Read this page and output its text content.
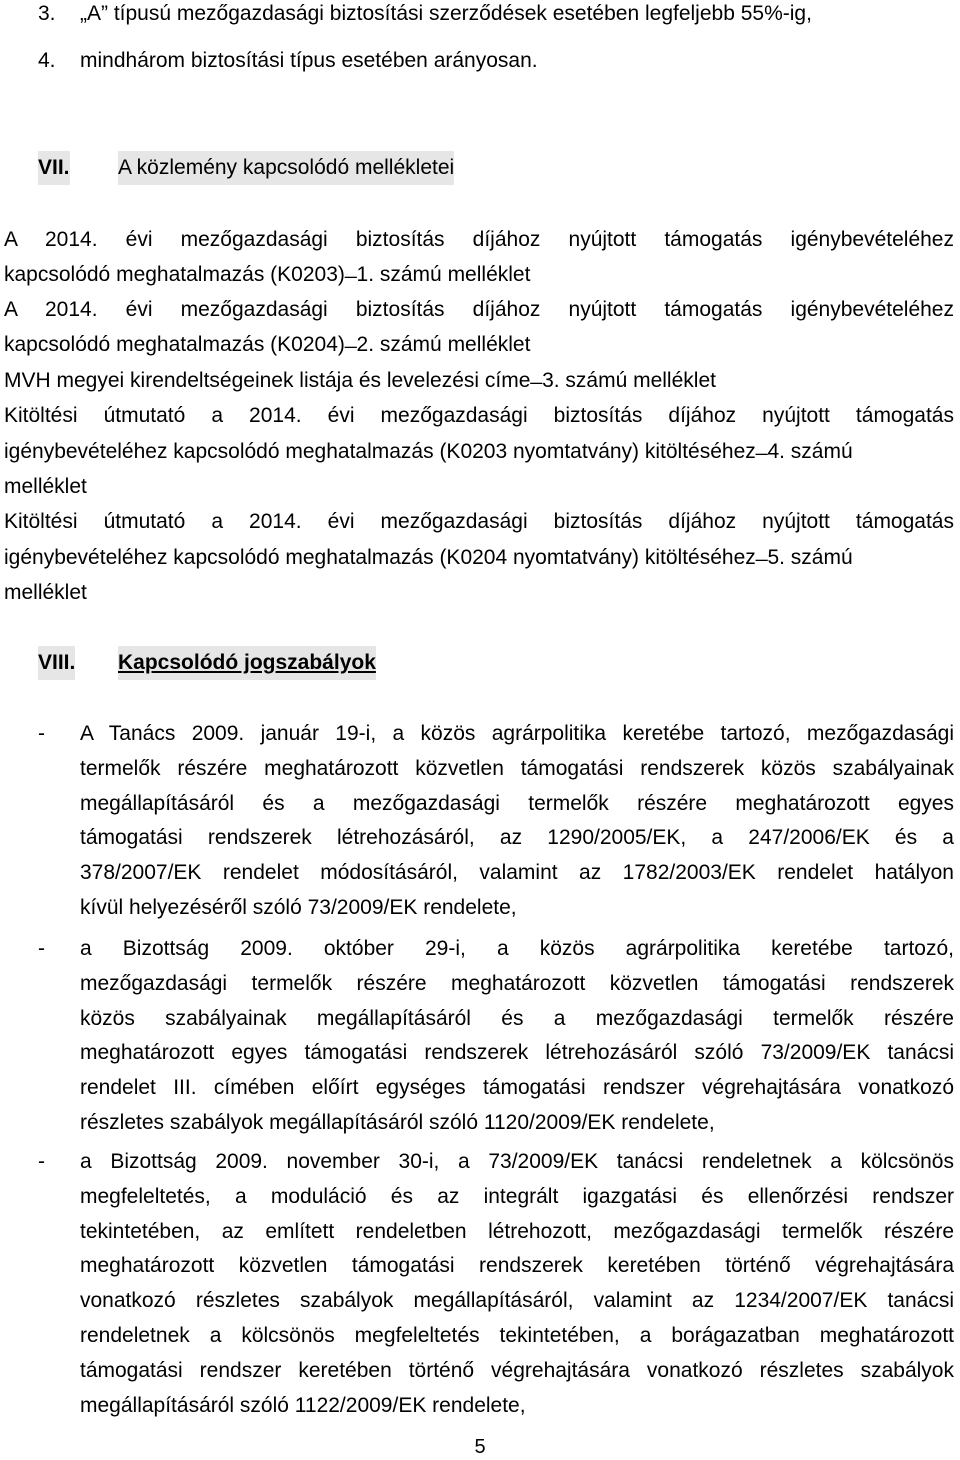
3. „A” típusú mezőgazdasági biztosítási szerződések esetében legfeljebb 55%-ig,
4. mindhárom biztosítási típus esetében arányosan.
VII. A közlemény kapcsolódó mellékletei
A 2014. évi mezőgazdasági biztosítás díjához nyújtott támogatás igénybevételéhez
kapcsolódó meghatalmazás (K0203) ̶ 1. számú melléklet
A 2014. évi mezőgazdasági biztosítás díjához nyújtott támogatás igénybevételéhez
kapcsolódó meghatalmazás (K0204) ̶ 2. számú melléklet
MVH megyei kirendeltségeinek listája és levelezési címe ̶ 3. számú melléklet
Kitöltési útmutató a 2014. évi mezőgazdasági biztosítás díjához nyújtott támogatás
igénybevételéhez kapcsolódó meghatalmazás (K0203 nyomtatvány) kitöltéséhez ̶ 4. számú
melléklet
Kitöltési útmutató a 2014. évi mezőgazdasági biztosítás díjához nyújtott támogatás
igénybevételéhez kapcsolódó meghatalmazás (K0204 nyomtatvány) kitöltéséhez ̶ 5. számú
melléklet
VIII. Kapcsolódó jogszabályok
- A Tanács 2009. január 19-i, a közös agrárpolitika keretébe tartozó, mezőgazdasági
termelők részére meghatározott közvetlen támogatási rendszerek közös szabályainak
megállapításáról és a mezőgazdasági termelők részére meghatározott egyes
támogatási rendszerek létrehozásáról, az 1290/2005/EK, a 247/2006/EK és a
378/2007/EK rendelet módosításáról, valamint az 1782/2003/EK rendelet hatályon
kívül helyezéséről szóló 73/2009/EK rendelete,
- a Bizottság 2009. október 29-i, a közös agrárpolitika keretébe tartozó,
mezőgazdasági termelők részére meghatározott közvetlen támogatási rendszerek
közös szabályainak megállapításáról és a mezőgazdasági termelők részére
meghatározott egyes támogatási rendszerek létrehozásáról szóló 73/2009/EK tanácsi
rendelet III. címében előírt egységes támogatási rendszer végrehajtására vonatkozó
részletes szabályok megállapításáról szóló 1120/2009/EK rendelete,
- a Bizottság 2009. november 30-i, a 73/2009/EK tanácsi rendeletnek a kölcsönös
megfeleltetés, a moduláció és az integrált igazgatási és ellenőrzési rendszer
tekintetében, az említett rendeletben létrehozott, mezőgazdasági termelők részére
meghatározott közvetlen támogatási rendszerek keretében történő végrehajtására
vonatkozó részletes szabályok megállapításáról, valamint az 1234/2007/EK tanácsi
rendeletnek a kölcsönös megfeleltetés tekintetében, a borágazatban meghatározott
támogatási rendszer keretében történő végrehajtására vonatkozó részletes szabályok
megállapításáról szóló 1122/2009/EK rendelete,
5
